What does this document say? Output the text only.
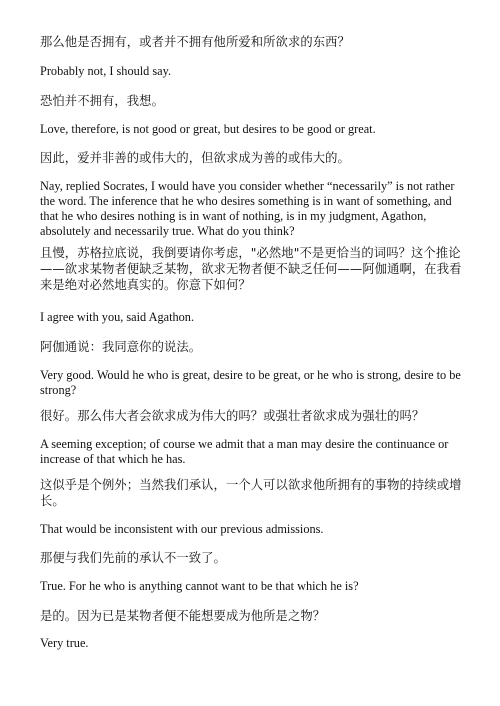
那么他是否拥有，或者并不拥有他所爱和所欲求的东西？

Probably not, I should say.

恐怕并不拥有，我想。

Love, therefore, is not good or great, but desires to be good or great.

因此，爱并非善的或伟大的，但欲求成为善的或伟大的。

Nay, replied Socrates, I would have you consider whether “necessarily” is not rather the word. The inference that he who desires something is in want of something, and that he who desires nothing is in want of nothing, is in my judgment, Agathon, absolutely and necessarily true. What do you think?

且慢，苏格拉底说，我倒要请你考虑，"必然地"不是更恰当的词吗？这个推论——欲求某物者便缺乏某物，欲求无物者便不缺乏任何——阿伽通啊，在我看来是绝对必然地真实的。你意下如何？

I agree with you, said Agathon.

阿伽通说：我同意你的说法。

Very good. Would he who is great, desire to be great, or he who is strong, desire to be strong?

很好。那么伟大者会欲求成为伟大的吗？或强壮者欲求成为强壮的吗？

A seeming exception; of course we admit that a man may desire the continuance or increase of that which he has.

这似乎是个例外；当然我们承认，一个人可以欲求他所拥有的事物的持续或增长。

That would be inconsistent with our previous admissions.

那便与我们先前的承认不一致了。

True. For he who is anything cannot want to be that which he is?

是的。因为已是某物者便不能想要成为他所是之物？

Very true.
